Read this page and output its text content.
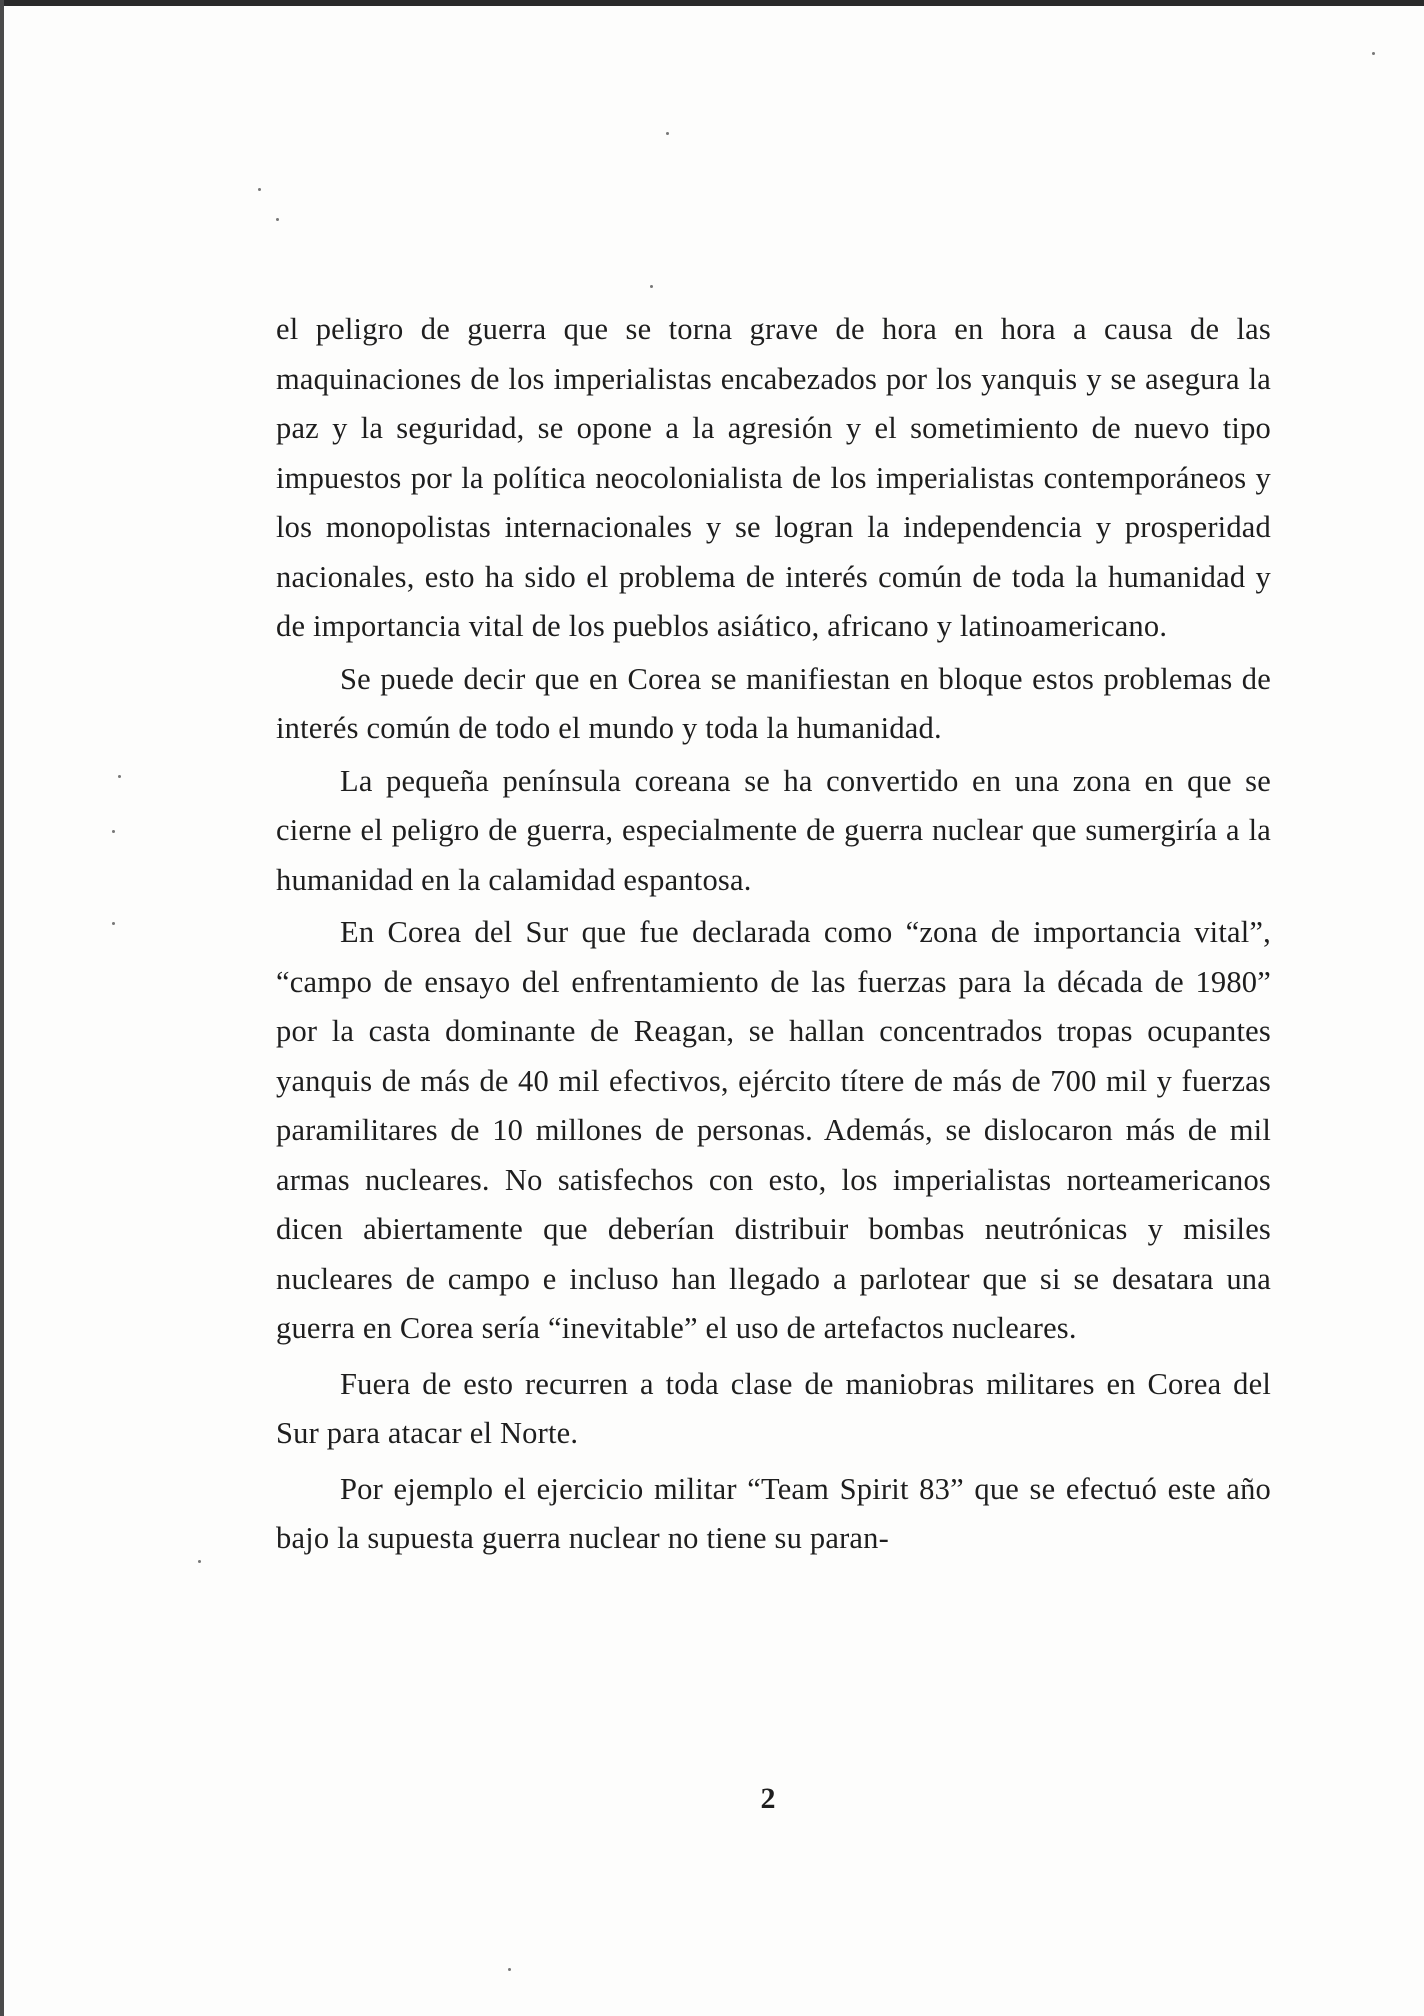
el peligro de guerra que se torna grave de hora en hora a causa de las maquinaciones de los imperialistas encabezados por los yanquis y se asegura la paz y la seguridad, se opone a la agresión y el sometimiento de nuevo tipo impuestos por la política neocolonialista de los imperialistas contemporáneos y los monopolistas internacionales y se logran la independencia y prosperidad nacionales, esto ha sido el problema de interés común de toda la humanidad y de importancia vital de los pueblos asiático, africano y latinoamericano.

Se puede decir que en Corea se manifiestan en bloque estos problemas de interés común de todo el mundo y toda la humanidad.

La pequeña península coreana se ha convertido en una zona en que se cierne el peligro de guerra, especialmente de guerra nuclear que sumergiría a la humanidad en la calamidad espantosa.

En Corea del Sur que fue declarada como “zona de importancia vital”, “campo de ensayo del enfrentamiento de las fuerzas para la década de 1980” por la casta dominante de Reagan, se hallan concentrados tropas ocupantes yanquis de más de 40 mil efectivos, ejército títere de más de 700 mil y fuerzas paramilitares de 10 millones de personas. Además, se dislocaron más de mil armas nucleares. No satisfechos con esto, los imperialistas norteamericanos dicen abiertamente que deberían distribuir bombas neutrónicas y misiles nucleares de campo e incluso han llegado a parlotear que si se desatara una guerra en Corea sería “inevitable” el uso de artefactos nucleares.

Fuera de esto recurren a toda clase de maniobras militares en Corea del Sur para atacar el Norte.

Por ejemplo el ejercicio militar “Team Spirit 83” que se efectuó este año bajo la supuesta guerra nuclear no tiene su paran-

2
